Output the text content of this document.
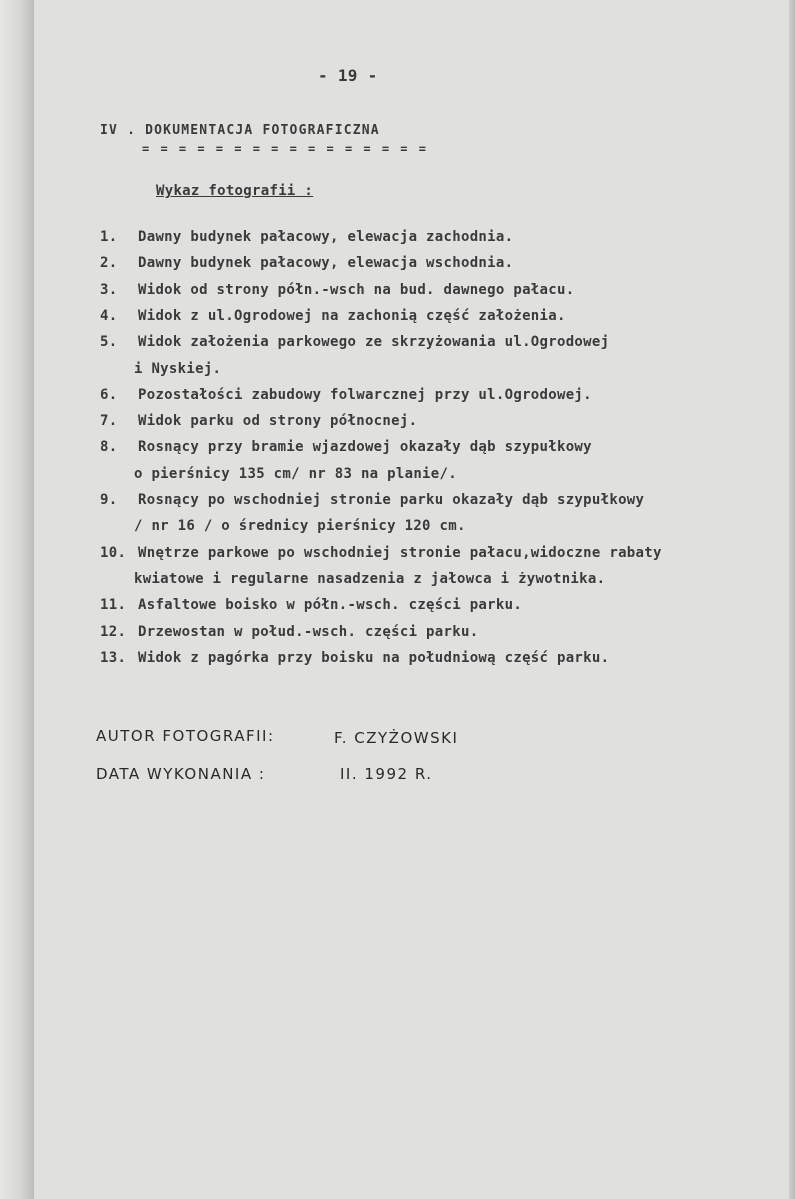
- 19 -
IV . DOKUMENTACJA FOTOGRAFICZNA
= = = = = = = = = = = = = = = =
Wykaz fotografii :
1. Dawny budynek pałacowy, elewacja zachodnia.
2. Dawny budynek pałacowy, elewacja wschodnia.
3. Widok od strony półn.-wsch na bud. dawnego pałacu.
4. Widok z ul.Ogrodowej na zachonią część założenia.
5. Widok założenia parkowego ze skrzyżowania ul.Ogrodowej
i Nyskiej.
6. Pozostałości zabudowy folwarcznej przy ul.Ogrodowej.
7. Widok parku od strony północnej.
8. Rosnący przy bramie wjazdowej okazały dąb szypułkowy
o pierśnicy 135 cm/ nr 83 na planie/.
9. Rosnący po wschodniej stronie parku okazały dąb szypułkowy
/ nr 16 / o średnicy pierśnicy 120 cm.
10. Wnętrze parkowe po wschodniej stronie pałacu,widoczne rabaty
kwiatowe i regularne nasadzenia z jałowca i żywotnika.
11. Asfaltowe boisko w półn.-wsch. części parku.
12. Drzewostan w połud.-wsch. części parku.
13. Widok z pagórka przy boisku na południową część parku.
AUTOR FOTOGRAFII:	F. CZYŻOWSKI
DATA WYKONANIA :	II. 1992 R.
